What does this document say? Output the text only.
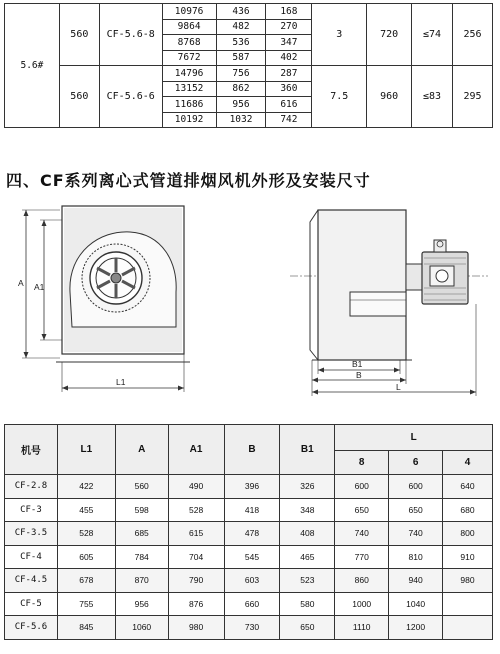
5.6#	560	CF-5.6-8	10976	436	168	3	720	≤74	256
			9864	482	270				
			8768	536	347				
			7672	587	402				
	560	CF-5.6-6	14796	756	287	7.5	960	≤83	295
			13152	862	360				
			11686	956	616				
			10192	1032	742				
四、CF系列离心式管道排烟风机外形及安装尺寸
A A1
L1
B1
B
L
机号	L1	A	A1	B	B1	L		
						8	6	4
CF-2.8	422	560	490	396	326	600	600	640
CF-3	455	598	528	418	348	650	650	680
CF-3.5	528	685	615	478	408	740	740	800
CF-4	605	784	704	545	465	770	810	910
CF-4.5	678	870	790	603	523	860	940	980
CF-5	755	956	876	660	580	1000	1040	
CF-5.6	845	1060	980	730	650	1110	1200	
